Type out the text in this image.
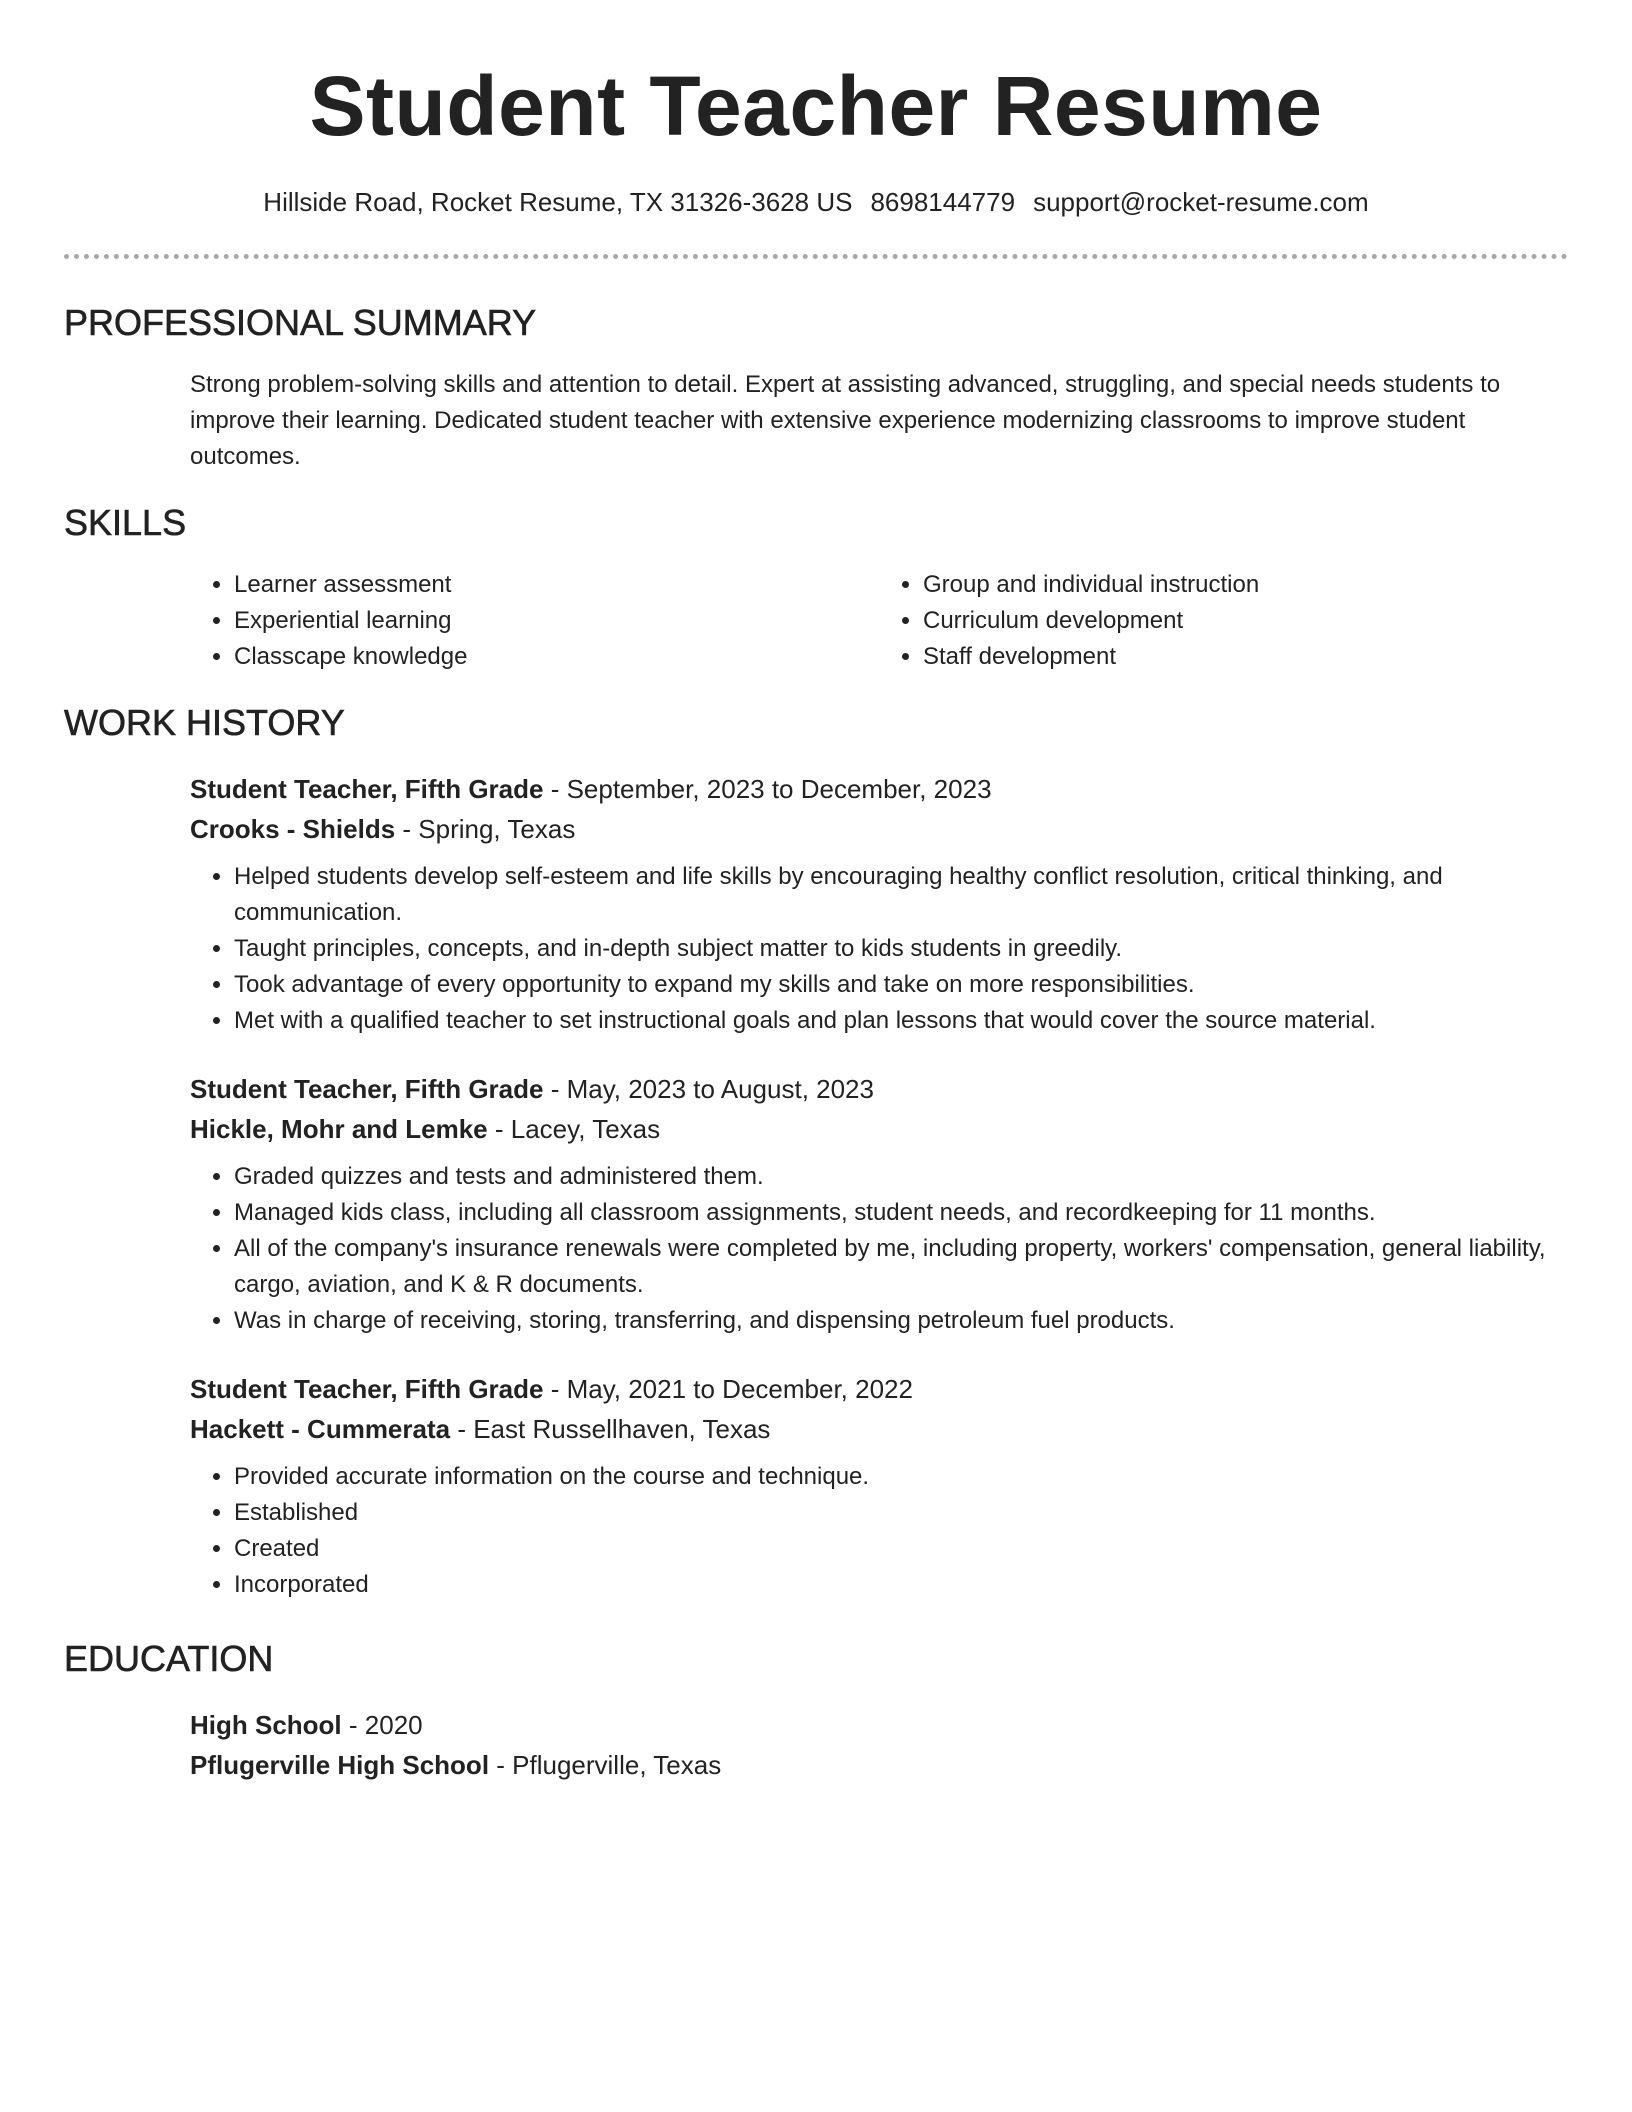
Student Teacher Resume
Hillside Road, Rocket Resume, TX 31326-3628 US 8698144779 support@rocket-resume.com
PROFESSIONAL SUMMARY

Strong problem-solving skills and attention to detail. Expert at assisting advanced, struggling, and special needs students to improve their learning. Dedicated student teacher with extensive experience modernizing classrooms to improve student outcomes.

SKILLS
• Learner assessment
• Experiential learning
• Classcape knowledge
• Group and individual instruction
• Curriculum development
• Staff development
WORK HISTORY
Student Teacher, Fifth Grade - September, 2023 to December, 2023
Crooks - Shields - Spring, Texas
• Helped students develop self-esteem and life skills by encouraging healthy conflict resolution, critical thinking, and communication.
• Taught principles, concepts, and in-depth subject matter to kids students in greedily.
• Took advantage of every opportunity to expand my skills and take on more responsibilities.
• Met with a qualified teacher to set instructional goals and plan lessons that would cover the source material.
Student Teacher, Fifth Grade - May, 2023 to August, 2023
Hickle, Mohr and Lemke - Lacey, Texas
• Graded quizzes and tests and administered them.
• Managed kids class, including all classroom assignments, student needs, and recordkeeping for 11 months.
• All of the company's insurance renewals were completed by me, including property, workers' compensation, general liability, cargo, aviation, and K & R documents.
• Was in charge of receiving, storing, transferring, and dispensing petroleum fuel products.
Student Teacher, Fifth Grade - May, 2021 to December, 2022
Hackett - Cummerata - East Russellhaven, Texas
• Provided accurate information on the course and technique.
• Established
• Created
• Incorporated
EDUCATION
High School - 2020
Pflugerville High School - Pflugerville, Texas
